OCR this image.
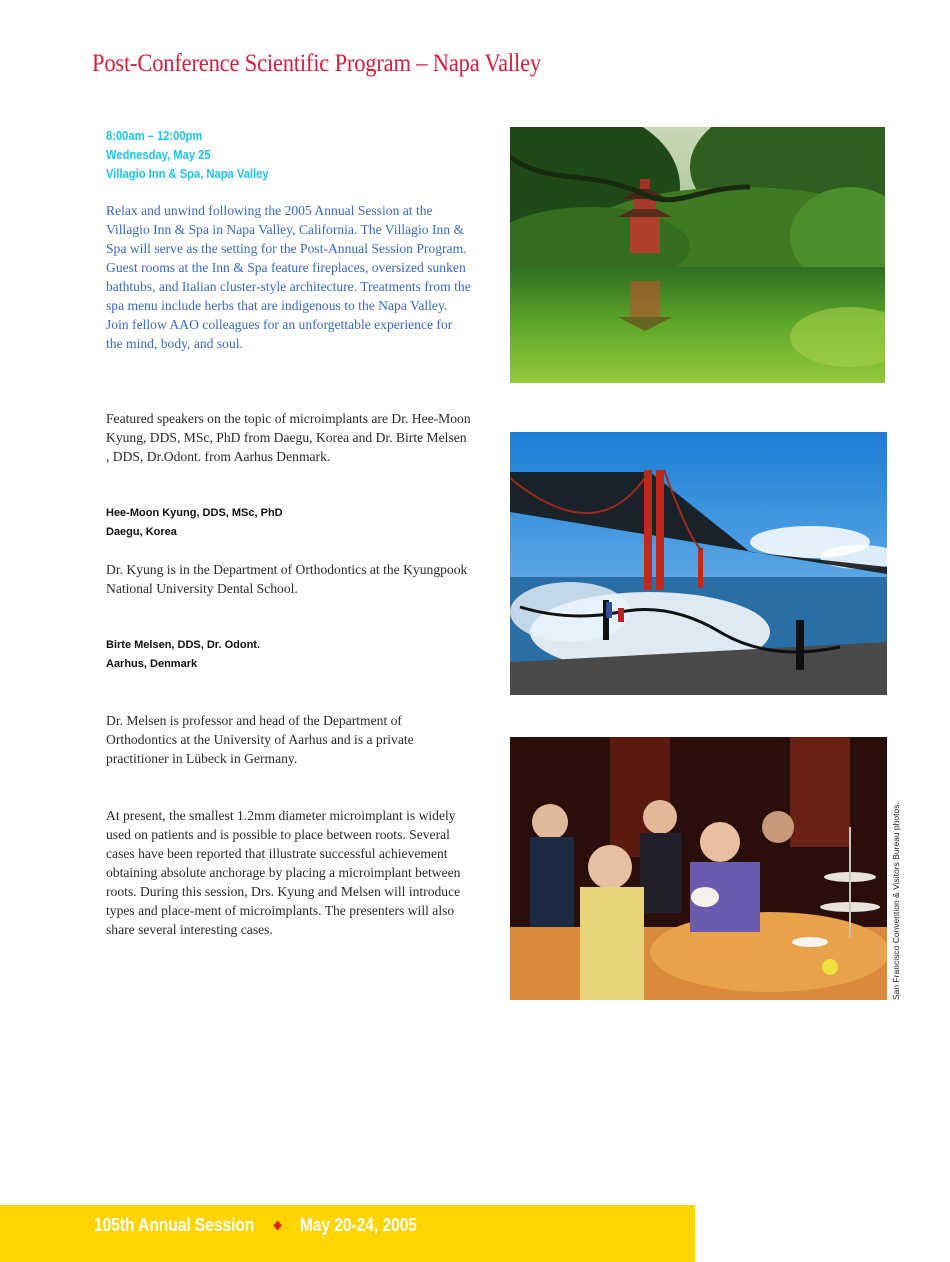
Post-Conference Scientific Program – Napa Valley
8:00am – 12:00pm
Wednesday, May 25
Villagio Inn & Spa, Napa Valley
Relax and unwind following the 2005 Annual Session at the Villagio Inn & Spa in Napa Valley, California. The Villagio Inn & Spa will serve as the setting for the Post-Annual Session Program. Guest rooms at the Inn & Spa feature fireplaces, oversized sunken bathtubs, and Italian cluster-style architecture. Treatments from the spa menu include herbs that are indigenous to the Napa Valley. Join fellow AAO colleagues for an unforgettable experience for the mind, body, and soul.
Featured speakers on the topic of microimplants are Dr. Hee-Moon Kyung, DDS, MSc, PhD from Daegu, Korea and Dr. Birte Melsen , DDS, Dr.Odont. from Aarhus Denmark.
Hee-Moon Kyung, DDS, MSc, PhD
Daegu, Korea
Dr. Kyung is in the Department of Orthodontics at the Kyungpook National University Dental School.
Birte Melsen, DDS, Dr. Odont.
Aarhus, Denmark
Dr. Melsen is professor and head of the Department of Orthodontics at the University of Aarhus and is a private practitioner in Lübeck in Germany.
At present, the smallest 1.2mm diameter microimplant is widely used on patients and is possible to place between roots. Several cases have been reported that illustrate successful achievement obtaining absolute anchorage by placing a microimplant between roots. During this session, Drs. Kyung and Melsen will introduce types and place-ment of microimplants. The presenters will also share several interesting cases.	San Francisco Convention & Visitors Bureau photos.
105th Annual Session	May 20-24, 2005
